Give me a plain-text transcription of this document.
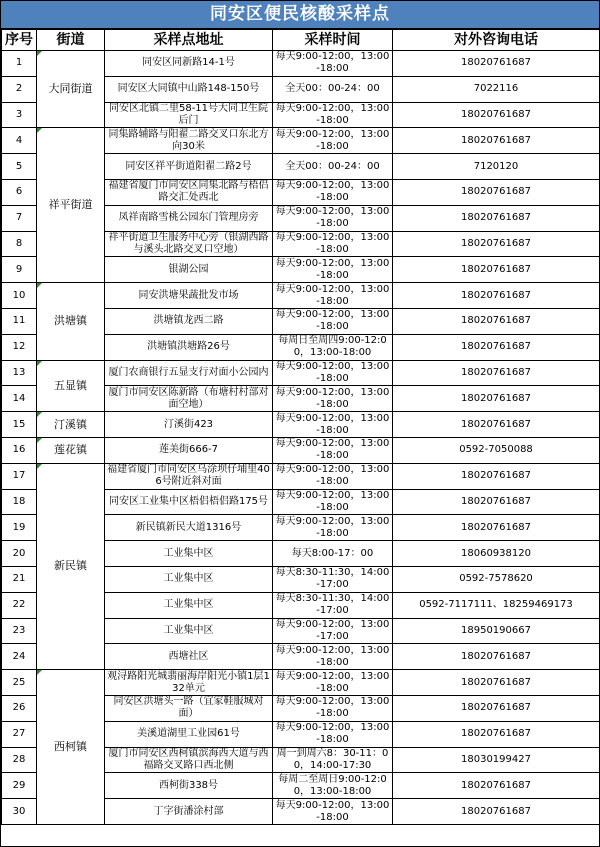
同安区便民核酸采样点
序号	街道	采样点地址	采样时间	对外咨询电话
1	大同街道	同安区同新路14-1号	每天9:00-12:00，13:00-18:00	18020761687
2		同安区大同镇中山路148-150号	全天00：00-24：00	7022116
3		同安区北镇二里58-11号大同卫生院后门	每天9:00-12:00，13:00-18:00	18020761687
4	祥平街道	同集路辅路与阳翟二路交叉口东北方向30米	每天9:00-12:00，13:00-18:00	18020761687
5		同安区祥平街道阳翟二路2号	全天00：00-24：00	7120120
6		福建省厦门市同安区同集北路与梧侣路交汇处西北	每天9:00-12:00，13:00-18:00	18020761687
7		凤祥南路雪桃公园东门管理房旁	每天9:00-12:00，13:00-18:00	18020761687
8		祥平街道卫生服务中心旁（银湖西路与溪头北路交叉口空地）	每天9:00-12:00，13:00-18:00	18020761687
9		银湖公园	每天9:00-12:00，13:00-18:00	18020761687
10	洪塘镇	同安洪塘果蔬批发市场	每天9:00-12:00，13:00-18:00	18020761687
11		洪塘镇龙西二路	每天9:00-12:00，13:00-18:00	18020761687
12		洪塘镇洪塘路26号	每周日至周四9:00-12:00，13:00-18:00	18020761687
13	五显镇	厦门农商银行五显支行对面小公园内	每天9:00-12:00，13:00-18:00	18020761687
14		厦门市同安区陈新路（布塘村村部对面空地）	每天9:00-12:00，13:00-18:00	18020761687
15	汀溪镇	汀溪街423	每天9:00-12:00，13:00-18:00	18020761687
16	莲花镇	莲美街666-7	每天9:00-12:00，13:00-18:00	0592-7050088
17	新民镇	福建省厦门市同安区乌涂坝仔埔里406号附近斜对面	每天9:00-12:00，13:00-18:00	18020761687
18		同安区工业集中区梧侣梧侣路175号	每天9:00-12:00，13:00-18:00	18020761687
19		新民镇新民大道1316号	每天9:00-12:00，13:00-18:00	18020761687
20		工业集中区	每天8:00-17：00	18060938120
21		工业集中区	每天8:30-11:30，14:00-17:00	0592-7578620
22		工业集中区	每天8:30-11:30，14:00-17:00	0592-7117111、18259469173
23		工业集中区	每天9:00-12:00，13:00-17:00	18950190667
24		西塘社区	每天9:00-12:00，13:00-18:00	18020761687
25	西柯镇	观浔路阳光城翡丽海岸阳光小镇1层132单元	每天9:00-12:00，13:00-18:00	18020761687
26		同安区洪塘头一路（宜家鞋服城对面）	每天9:00-12:00，13:00-18:00	18020761687
27		美溪道湖里工业园61号	每天9:00-12:00，13:00-18:00	18020761687
28		厦门市同安区西柯镇滨海西大道与西福路交叉路口西北侧	周一到周六8：30-11：00，14:00-17:30	18030199427
29		西柯街338号	每周二至周日9:00-12:00，13:00-18:00	18020761687
30		丁字街潘涂村部	每天9:00-12:00，13:00-18:00	18020761687
